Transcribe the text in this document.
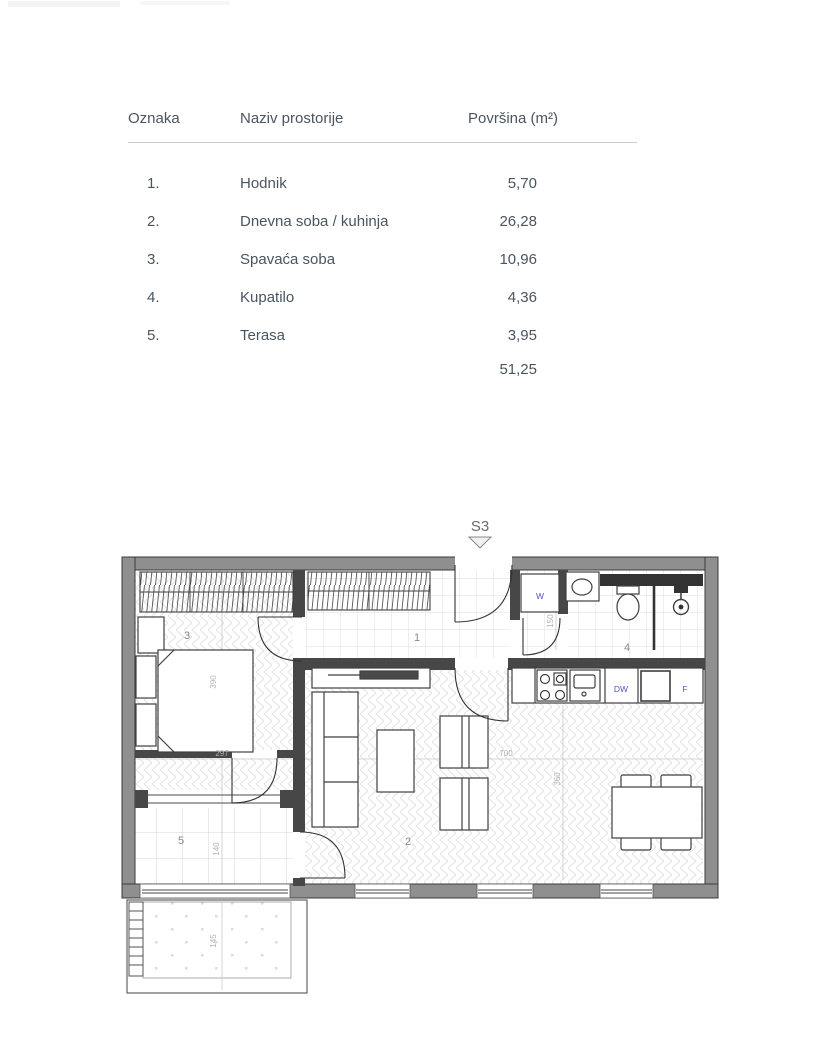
Oznaka	Naziv prostorije	Površina (m²)
1.	Hodnik	5,70
2.	Dnevna soba / kuhinja	26,28
3.	Spavaća soba	10,96
4.	Kupatilo	4,36
5.	Terasa	3,95
51,25
S3
3	1
4
2
5
W
DW	F
297	700
390
150
360
140
145
